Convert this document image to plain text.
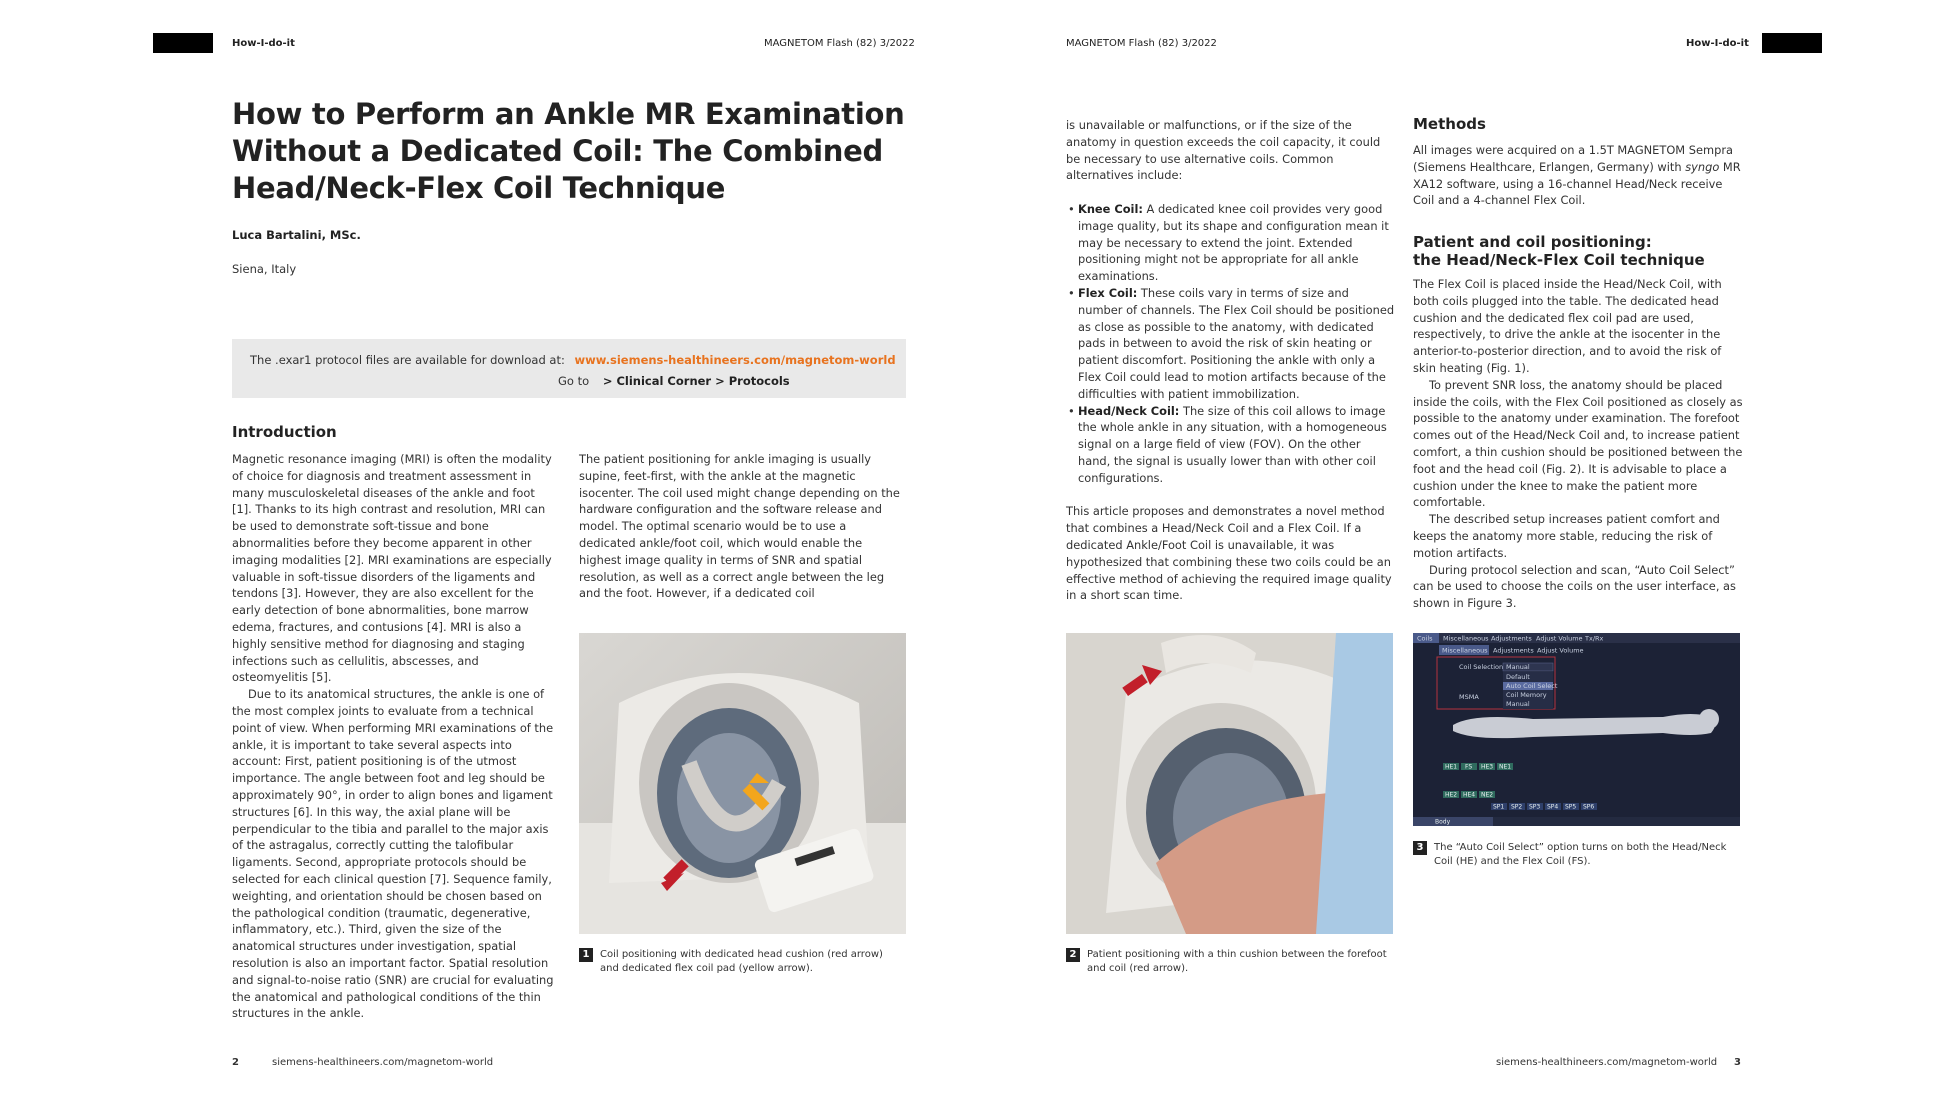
How-I-do-it	MAGNETOM Flash (82) 3/2022	MAGNETOM Flash (82) 3/2022	How-I-do-it
How to Perform an Ankle MR Examination Without a Dedicated Coil: The Combined Head/Neck-Flex Coil Technique
Luca Bartalini, MSc.
Siena, Italy
The .exar1 protocol files are available for download at: www.siemens-healthineers.com/magnetom-world
Go to > Clinical Corner > Protocols
Introduction

Magnetic resonance imaging (MRI) is often the modality of choice for diagnosis and treatment assessment in many musculoskeletal diseases of the ankle and foot [1]. Thanks to its high contrast and resolution, MRI can be used to demonstrate soft-tissue and bone abnormalities before they become apparent in other imaging modalities [2]. MRI examinations are especially valuable in soft-tissue disorders of the ligaments and tendons [3]. However, they are also excellent for the early detection of bone abnormalities, bone marrow edema, fractures, and contusions [4]. MRI is also a highly sensitive method for diagnosing and staging infections such as cellulitis, abscesses, and osteomyelitis [5].

Due to its anatomical structures, the ankle is one of the most complex joints to evaluate from a technical point of view. When performing MRI examinations of the ankle, it is important to take several aspects into account: First, patient positioning is of the utmost importance. The angle between foot and leg should be approximately 90°, in order to align bones and ligament structures [6]. In this way, the axial plane will be perpendicular to the tibia and parallel to the major axis of the astragalus, correctly cutting the talofibular ligaments. Second, appropriate protocols should be selected for each clinical question [7]. Sequence family, weighting, and orientation should be chosen based on the pathological condition (traumatic, degenerative, inflammatory, etc.). Third, given the size of the anatomical structures under investigation, spatial resolution is also an important factor. Spatial resolution and signal-to-noise ratio (SNR) are crucial for evaluating the anatomical and pathological conditions of the thin structures in the ankle.

The patient positioning for ankle imaging is usually supine, feet-first, with the ankle at the magnetic isocenter. The coil used might change depending on the hardware configuration and the software release and model. The optimal scenario would be to use a dedicated ankle/foot coil, which would enable the highest image quality in terms of SNR and spatial resolution, as well as a correct angle between the leg and the foot. However, if a dedicated coil

is unavailable or malfunctions, or if the size of the anatomy in question exceeds the coil capacity, it could be necessary to use alternative coils. Common alternatives include:

• Knee Coil: A dedicated knee coil provides very good image quality, but its shape and configuration mean it may be necessary to extend the joint. Extended positioning might not be appropriate for all ankle examinations.
• Flex Coil: These coils vary in terms of size and number of channels. The Flex Coil should be positioned as close as possible to the anatomy, with dedicated pads in between to avoid the risk of skin heating or patient discomfort. Positioning the ankle with only a Flex Coil could lead to motion artifacts because of the difficulties with patient immobilization.
• Head/Neck Coil: The size of this coil allows to image the whole ankle in any situation, with a homogeneous signal on a large field of view (FOV). On the other hand, the signal is usually lower than with other coil configurations.

This article proposes and demonstrates a novel method that combines a Head/Neck Coil and a Flex Coil. If a dedicated Ankle/Foot Coil is unavailable, it was hypothesized that combining these two coils could be an effective method of achieving the required image quality in a short scan time.

Methods

All images were acquired on a 1.5T MAGNETOM Sempra (Siemens Healthcare, Erlangen, Germany) with syngo MR XA12 software, using a 16-channel Head/Neck receive Coil and a 4-channel Flex Coil.

Patient and coil positioning:
the Head/Neck-Flex Coil technique

The Flex Coil is placed inside the Head/Neck Coil, with both coils plugged into the table. The dedicated head cushion and the dedicated flex coil pad are used, respectively, to drive the ankle at the isocenter in the anterior-to-posterior direction, and to avoid the risk of skin heating (Fig. 1).

To prevent SNR loss, the anatomy should be placed inside the coils, with the Flex Coil positioned as closely as possible to the anatomy under examination. The forefoot comes out of the Head/Neck Coil and, to increase patient comfort, a thin cushion should be positioned between the foot and the head coil (Fig. 2). It is advisable to place a cushion under the knee to make the patient more comfortable.

The described setup increases patient comfort and keeps the anatomy more stable, reducing the risk of motion artifacts.

During protocol selection and scan, “Auto Coil Select” can be used to choose the coils on the user interface, as shown in Figure 3.

1	Coil positioning with dedicated head cushion (red arrow) and dedicated flex coil pad (yellow arrow).
2	Patient positioning with a thin cushion between the forefoot and coil (red arrow).
Coils Miscellaneous Adjustments Adjust Volume Tx/Rx
Miscellaneous Adjustments Adjust Volume
Coil Selection Manual
Default
Auto Coil Select
Coil Memory
Manual
MSMA
HE1 FS HE3 NE1
HE2 HE4 NE2
SP1 SP2 SP3 SP4 SP5 SP6
Body
3	The “Auto Coil Select” option turns on both the Head/Neck Coil (HE) and the Flex Coil (FS).
2	siemens-healthineers.com/magnetom-world	siemens-healthineers.com/magnetom-world 3
